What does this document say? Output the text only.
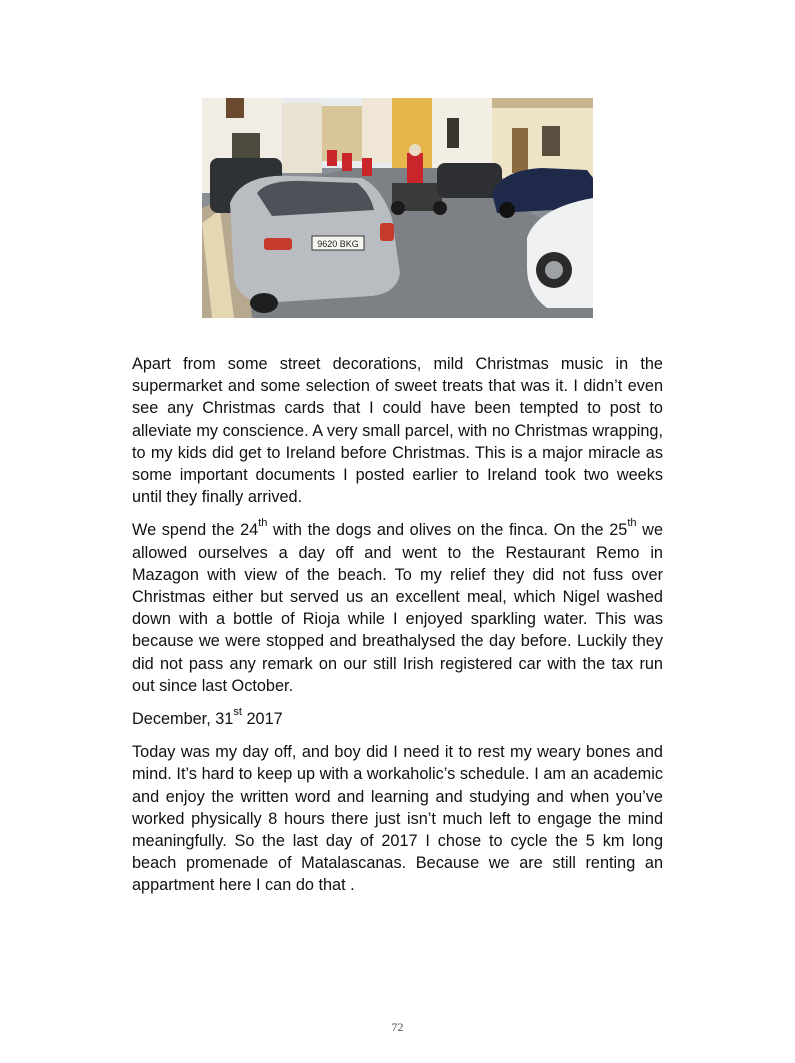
9620 BKG

Apart from some street decorations, mild Christmas music in the supermarket and some selection of sweet treats that was it. I didn’t even see any Christmas cards that I could have been tempted to post to alleviate my conscience. A very small parcel, with no Christmas wrapping, to my kids did get to Ireland before Christmas. This is a major miracle as some important documents I posted earlier to Ireland took two weeks until they finally arrived.

We spend the 24th with the dogs and olives on the finca. On the 25th we allowed ourselves a day off and went to the Restaurant Remo in Mazagon with view of the beach. To my relief they did not fuss over Christmas either but served us an excellent meal, which Nigel washed down with a bottle of Rioja while I enjoyed sparkling water. This was because we were stopped and breathalysed the day before. Luckily they did not pass any remark on our still Irish registered car with the tax run out since last October.

December, 31st 2017

Today was my day off, and boy did I need it to rest my weary bones and mind. It’s hard to keep up with a workaholic’s schedule. I am an academic and enjoy the written word and learning and studying and when you’ve worked physically 8 hours there just isn’t much left to engage the mind meaningfully. So the last day of 2017 I chose to cycle the 5 km long beach promenade of Matalascanas. Because we are still renting an appartment here I can do that .

72
